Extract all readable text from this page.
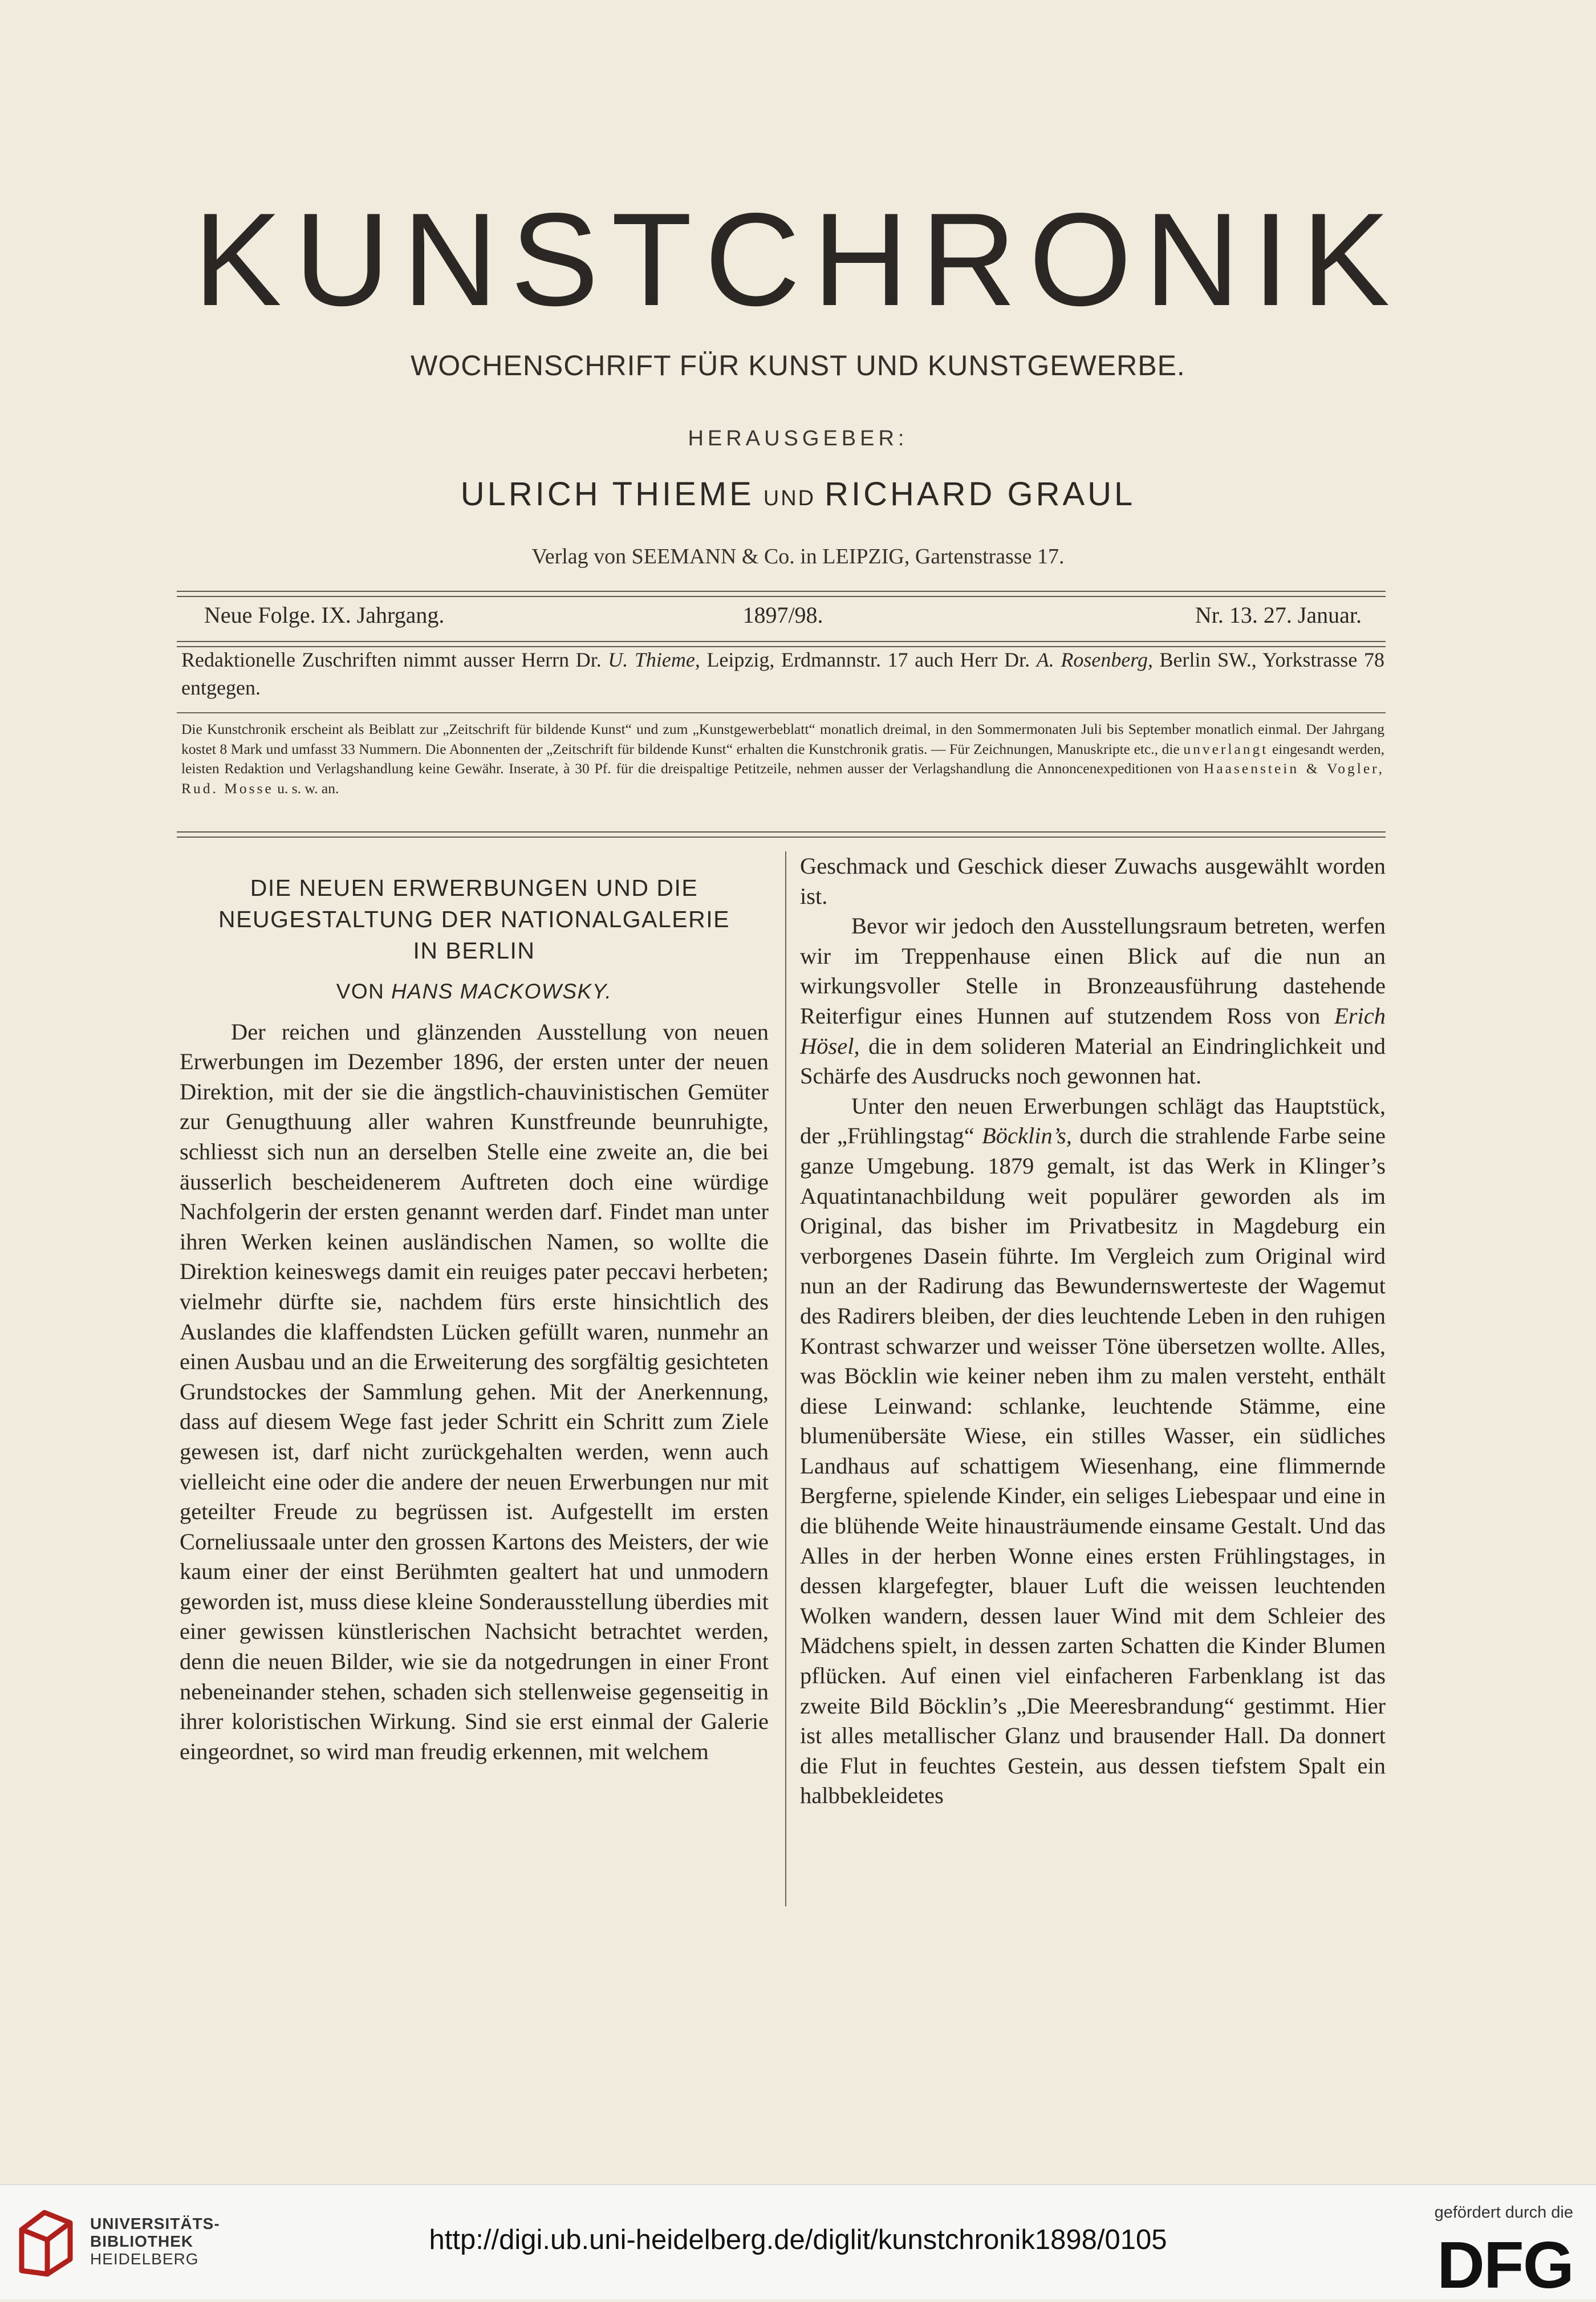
KUNSTCHRONIK
WOCHENSCHRIFT FÜR KUNST UND KUNSTGEWERBE.
HERAUSGEBER:
ULRICH THIEME UND RICHARD GRAUL
Verlag von SEEMANN & Co. in LEIPZIG, Gartenstrasse 17.
Neue Folge. IX. Jahrgang.	1897/98.	Nr. 13. 27. Januar.
Redaktionelle Zuschriften nimmt ausser Herrn Dr. U. Thieme, Leipzig, Erdmannstr. 17 auch Herr Dr. A. Rosenberg, Berlin SW., Yorkstrasse 78 entgegen.
Die Kunstchronik erscheint als Beiblatt zur „Zeitschrift für bildende Kunst“ und zum „Kunstgewerbeblatt“ monatlich dreimal, in den Sommermonaten Juli bis September monatlich einmal. Der Jahrgang kostet 8 Mark und umfasst 33 Nummern. Die Abonnenten der „Zeitschrift für bildende Kunst“ erhalten die Kunstchronik gratis. — Für Zeichnungen, Manuskripte etc., die unverlangt eingesandt werden, leisten Redaktion und Verlagshandlung keine Gewähr. Inserate, à 30 Pf. für die dreispaltige Petitzeile, nehmen ausser der Verlagshandlung die Annoncenexpeditionen von Haasenstein & Vogler, Rud. Mosse u. s. w. an.
DIE NEUEN ERWERBUNGEN UND DIE
NEUGESTALTUNG DER NATIONALGALERIE
IN BERLIN
VON HANS MACKOWSKY.

Der reichen und glänzenden Ausstellung von neuen Erwerbungen im Dezember 1896, der ersten unter der neuen Direktion, mit der sie die ängstlich-chauvinistischen Gemüter zur Genugthuung aller wahren Kunstfreunde beunruhigte, schliesst sich nun an derselben Stelle eine zweite an, die bei äusserlich bescheidenerem Auftreten doch eine würdige Nachfolgerin der ersten genannt werden darf. Findet man unter ihren Werken keinen ausländischen Namen, so wollte die Direktion keineswegs damit ein reuiges pater peccavi herbeten; vielmehr dürfte sie, nachdem fürs erste hinsichtlich des Auslandes die klaffendsten Lücken gefüllt waren, nunmehr an einen Ausbau und an die Erweiterung des sorgfältig gesichteten Grundstockes der Sammlung gehen. Mit der Anerkennung, dass auf diesem Wege fast jeder Schritt ein Schritt zum Ziele gewesen ist, darf nicht zurückgehalten werden, wenn auch vielleicht eine oder die andere der neuen Erwerbungen nur mit geteilter Freude zu begrüssen ist. Aufgestellt im ersten Corneliussaale unter den grossen Kartons des Meisters, der wie kaum einer der einst Berühmten gealtert hat und unmodern geworden ist, muss diese kleine Sonderausstellung überdies mit einer gewissen künstlerischen Nachsicht betrachtet werden, denn die neuen Bilder, wie sie da notgedrungen in einer Front nebeneinander stehen, schaden sich stellenweise gegenseitig in ihrer koloristischen Wirkung. Sind sie erst einmal der Galerie eingeordnet, so wird man freudig erkennen, mit welchem

Geschmack und Geschick dieser Zuwachs ausgewählt worden ist.

Bevor wir jedoch den Ausstellungsraum betreten, werfen wir im Treppenhause einen Blick auf die nun an wirkungsvoller Stelle in Bronzeausführung dastehende Reiterfigur eines Hunnen auf stutzendem Ross von Erich Hösel, die in dem solideren Material an Eindringlichkeit und Schärfe des Ausdrucks noch gewonnen hat.

Unter den neuen Erwerbungen schlägt das Hauptstück, der „Frühlingstag“ Böcklin’s, durch die strahlende Farbe seine ganze Umgebung. 1879 gemalt, ist das Werk in Klinger’s Aquatintanachbildung weit populärer geworden als im Original, das bisher im Privatbesitz in Magdeburg ein verborgenes Dasein führte. Im Vergleich zum Original wird nun an der Radirung das Bewundernswerteste der Wagemut des Radirers bleiben, der dies leuchtende Leben in den ruhigen Kontrast schwarzer und weisser Töne übersetzen wollte. Alles, was Böcklin wie keiner neben ihm zu malen versteht, enthält diese Leinwand: schlanke, leuchtende Stämme, eine blumenübersäte Wiese, ein stilles Wasser, ein südliches Landhaus auf schattigem Wiesenhang, eine flimmernde Bergferne, spielende Kinder, ein seliges Liebespaar und eine in die blühende Weite hinausträumende einsame Gestalt. Und das Alles in der herben Wonne eines ersten Frühlingstages, in dessen klargefegter, blauer Luft die weissen leuchtenden Wolken wandern, dessen lauer Wind mit dem Schleier des Mädchens spielt, in dessen zarten Schatten die Kinder Blumen pflücken. Auf einen viel einfacheren Farbenklang ist das zweite Bild Böcklin’s „Die Meeresbrandung“ gestimmt. Hier ist alles metallischer Glanz und brausender Hall. Da donnert die Flut in feuchtes Gestein, aus dessen tiefstem Spalt ein halbbekleidetes

UNIVERSITÄTS-
BIBLIOTHEK
HEIDELBERG
http://digi.ub.uni-heidelberg.de/diglit/kunstchronik1898/0105
gefördert durch die
DFG
